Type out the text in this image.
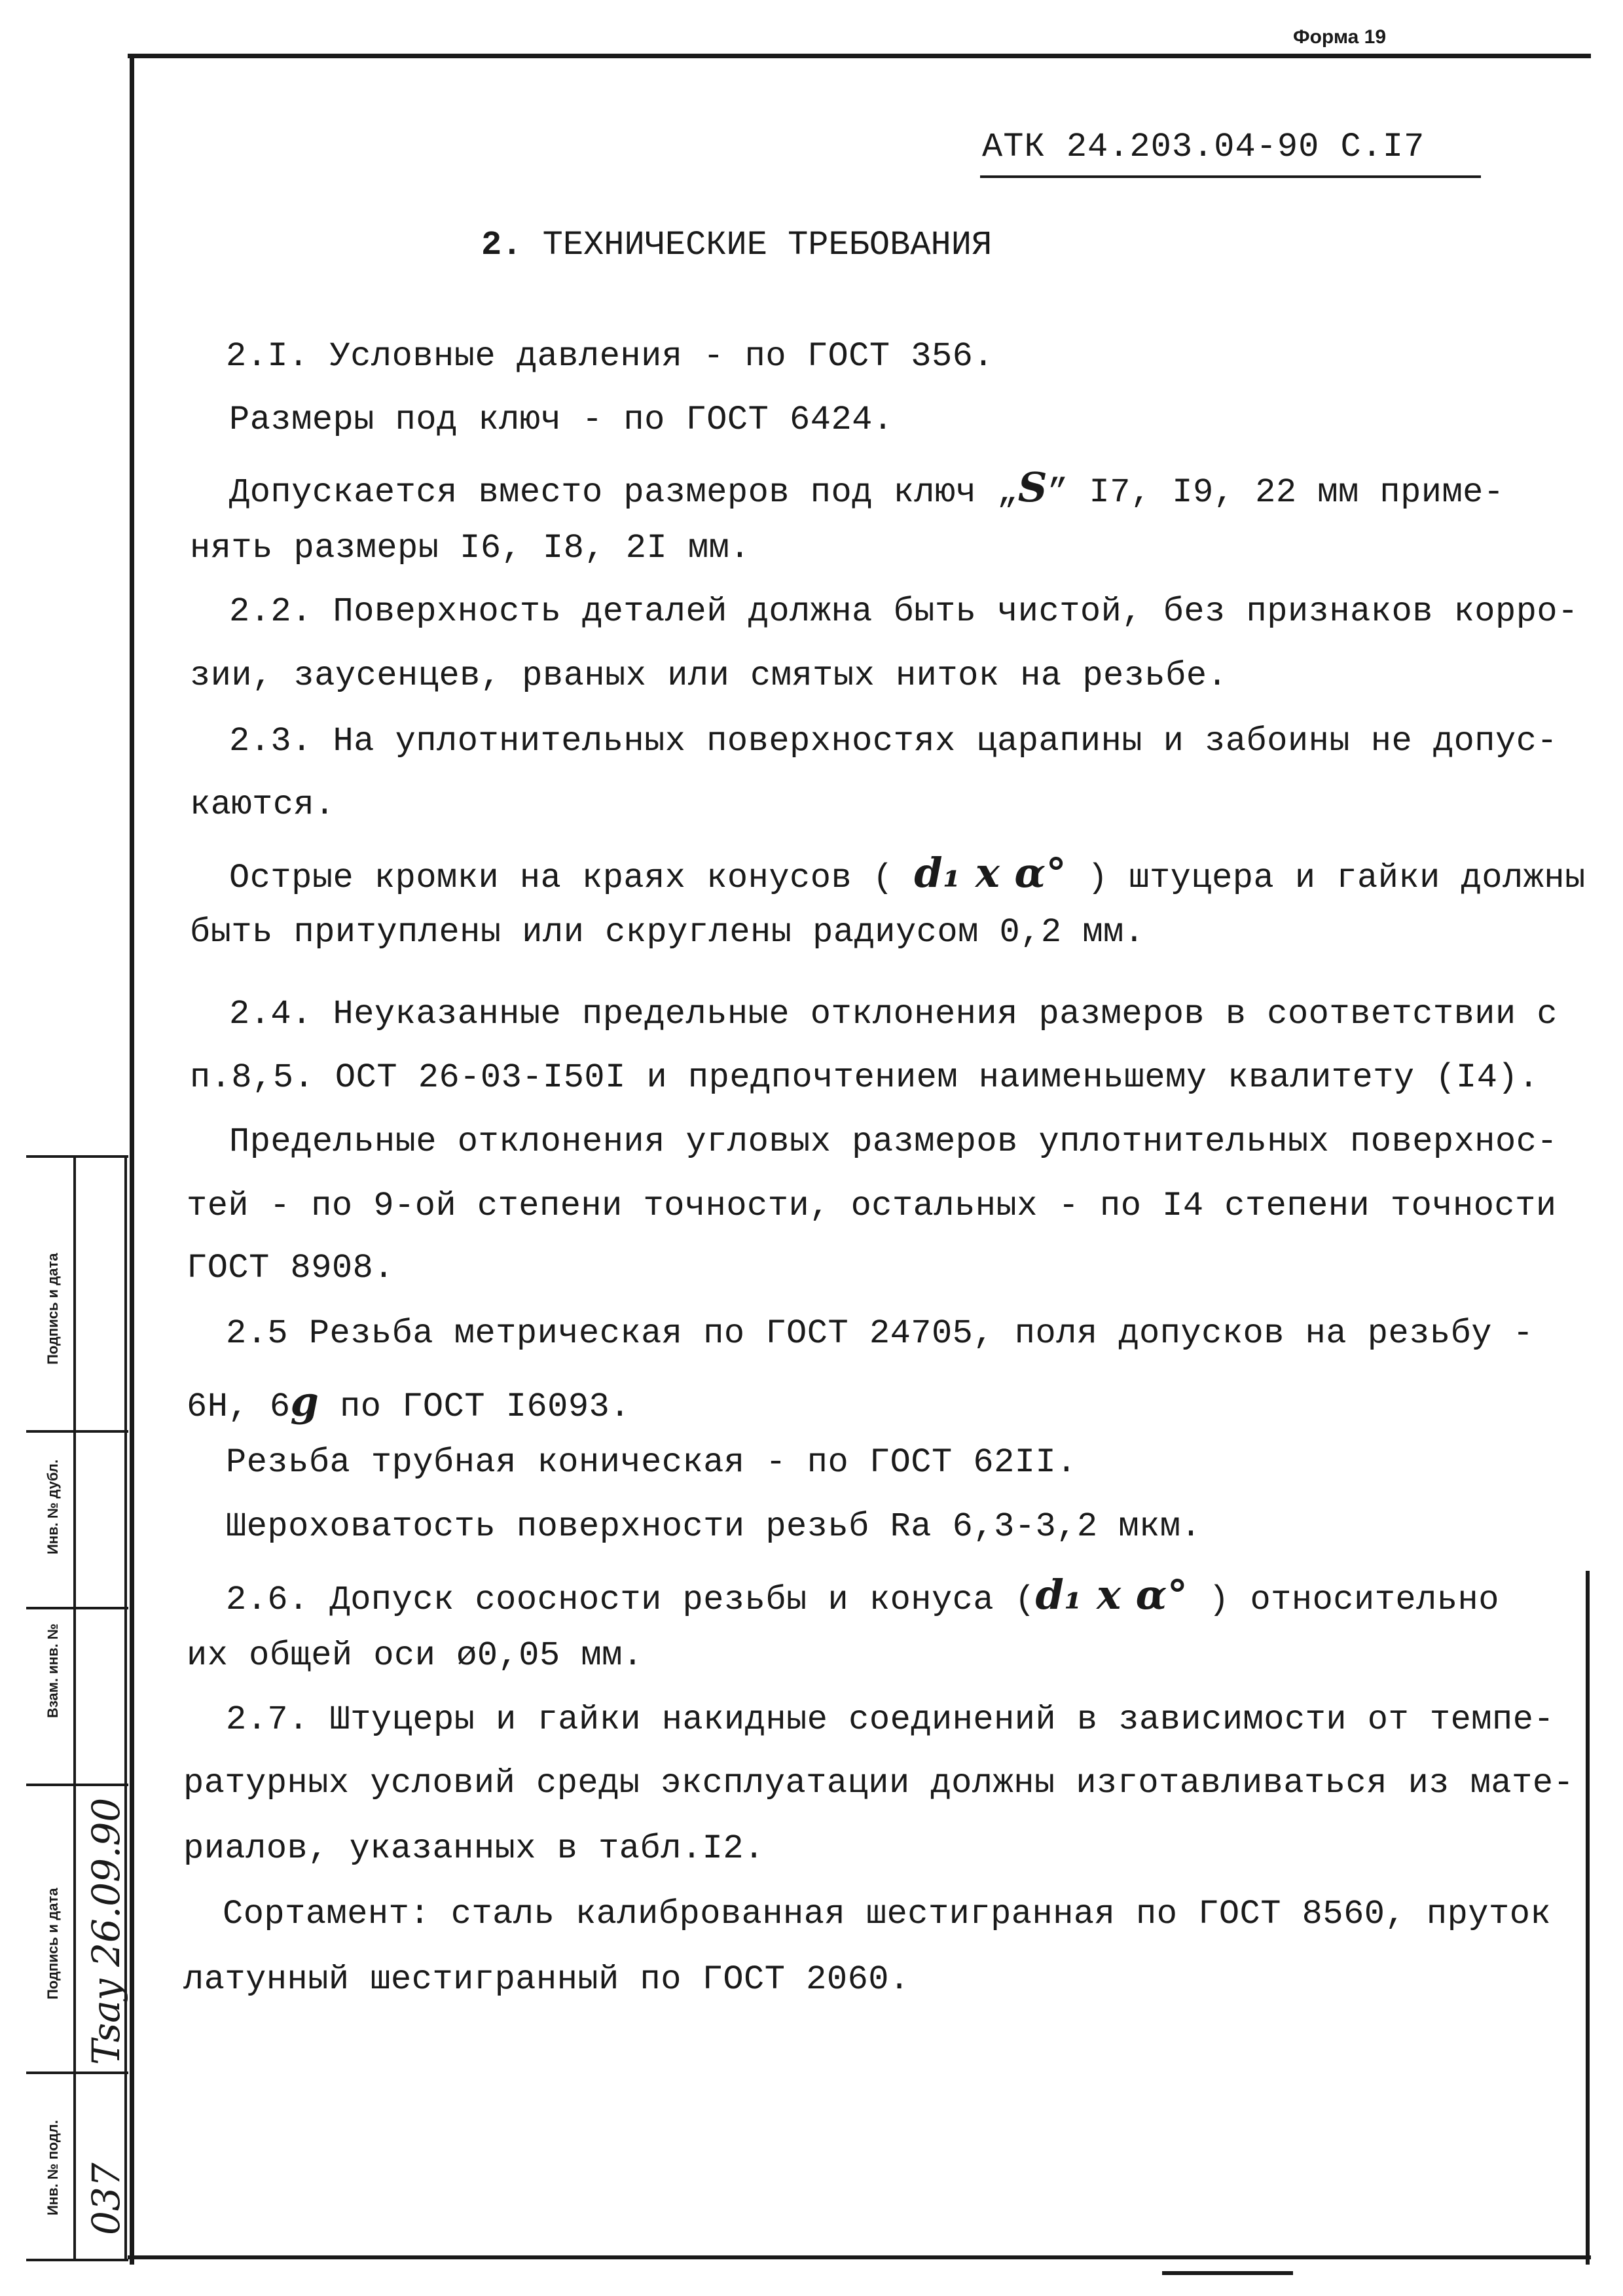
Форма 19
АТК 24.203.04-90 С.I7
2. ТЕХНИЧЕСКИЕ ТРЕБОВАНИЯ
2.I. Условные давления - по ГОСТ 356.
Размеры под ключ - по ГОСТ 6424.
Допускается вместо размеров под ключ „S” I7, I9, 22 мм приме-
нять размеры I6, I8, 2I мм.
2.2. Поверхность деталей должна быть чистой, без признаков корро-
зии, заусенцев, рваных или смятых ниток на резьбе.
2.3. На уплотнительных поверхностях царапины и забоины не допус-
каются.
Острые кромки на краях конусов ( d₁ x α° ) штуцера и гайки должны
быть притуплены или скруглены радиусом 0,2 мм.
2.4. Неуказанные предельные отклонения размеров в соответствии с
п.8,5. ОСТ 26-03-I50I и предпочтением наименьшему квалитету (I4).
Предельные отклонения угловых размеров уплотнительных поверхнос-
тей - по 9-ой степени точности, остальных - по I4 степени точности
ГОСТ 8908.
2.5 Резьба метрическая по ГОСТ 24705, поля допусков на резьбу -
6Н, 6g по ГОСТ I6093.
Резьба трубная коническая - по ГОСТ 62II.
Шероховатость поверхности резьб Ra 6,3-3,2 мкм.
2.6. Допуск соосности резьбы и конуса (d₁ x α° ) относительно
их общей оси ø0,05 мм.
2.7. Штуцеры и гайки накидные соединений в зависимости от темпе-
ратурных условий среды эксплуатации должны изготавливаться из мате-
риалов, указанных в табл.I2.
Сортамент: сталь калиброванная шестигранная по ГОСТ 8560, пруток
латунный шестигранный по ГОСТ 2060.
Подпись и дата
Инв. № дубл.
Взам. инв. №
Подпись и дата
Инв. № подл.
Tsay 26.09.90
037
